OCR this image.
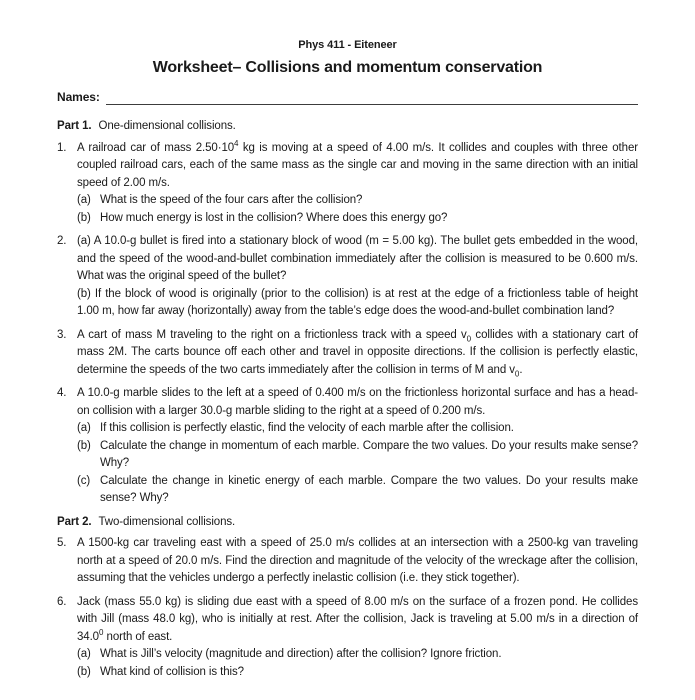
Phys 411 - Eiteneer
Worksheet– Collisions and momentum conservation
Names:
Part 1. One-dimensional collisions.
1. A railroad car of mass $2.50\cdot 10^4$ kg is moving at a speed of 4.00 m/s. It collides and couples with three other coupled railroad cars, each of the same mass as the single car and moving in the same direction with an initial speed of 2.00 m/s.

(a) What is the speed of the four cars after the collision?
(b) How much energy is lost in the collision? Where does this energy go?
2. (a) A 10.0-g bullet is fired into a stationary block of wood (m = 5.00 kg). The bullet gets embedded in the wood, and the speed of the wood-and-bullet combination immediately after the collision is measured to be 0.600 m/s. What was the original speed of the bullet?

(b) If the block of wood is originally (prior to the collision) is at rest at the edge of a frictionless table of height 1.00 m, how far away (horizontally) away from the table’s edge does the wood-and-bullet combination land?

3. A cart of mass M traveling to the right on a frictionless track with a speed $v_0$ collides with a stationary cart of mass 2M. The carts bounce off each other and travel in opposite directions. If the collision is perfectly elastic, determine the speeds of the two carts immediately after the collision in terms of M and $v_0$.

4. A 10.0-g marble slides to the left at a speed of 0.400 m/s on the frictionless horizontal surface and has a head-on collision with a larger 30.0-g marble sliding to the right at a speed of 0.200 m/s.

(a) If this collision is perfectly elastic, find the velocity of each marble after the collision.
(b) Calculate the change in momentum of each marble. Compare the two values. Do your results make sense? Why?
(c) Calculate the change in kinetic energy of each marble. Compare the two values. Do your results make sense? Why?
Part 2. Two-dimensional collisions.
5. A 1500-kg car traveling east with a speed of 25.0 m/s collides at an intersection with a 2500-kg van traveling north at a speed of 20.0 m/s. Find the direction and magnitude of the velocity of the wreckage after the collision, assuming that the vehicles undergo a perfectly inelastic collision (i.e. they stick together).

6. Jack (mass 55.0 kg) is sliding due east with a speed of 8.00 m/s on the surface of a frozen pond. He collides with Jill (mass 48.0 kg), who is initially at rest. After the collision, Jack is traveling at 5.00 m/s in a direction of 34.0$^0$ north of east.

(a) What is Jill’s velocity (magnitude and direction) after the collision? Ignore friction.
(b) What kind of collision is this?
